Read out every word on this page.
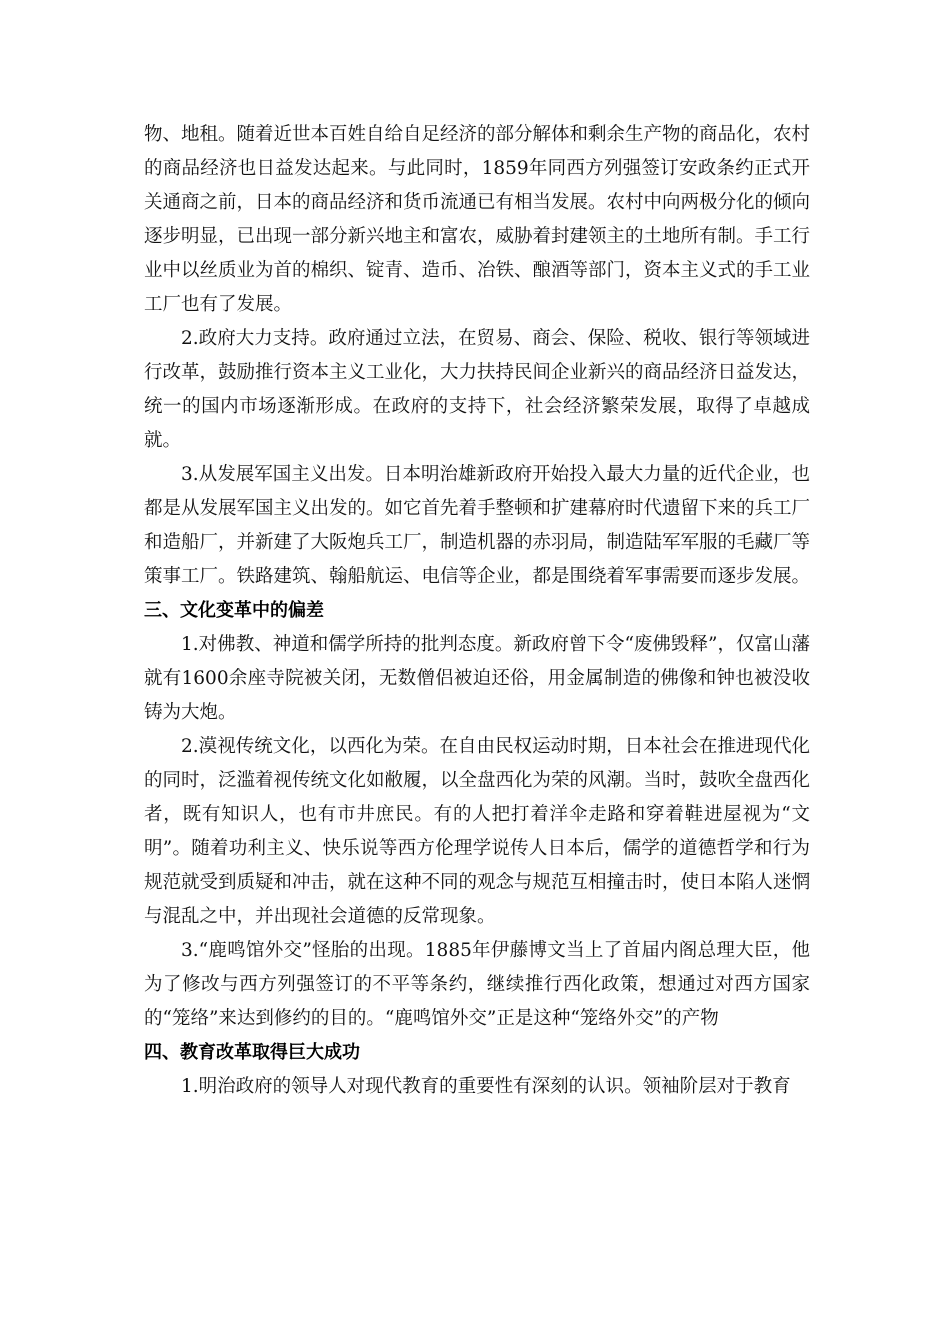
物、地租。随着近世本百姓自给自足经济的部分解体和剩余生产物的商品化，农村的商品经济也日益发达起来。与此同时，1859年同西方列强签订安政条约正式开关通商之前，日本的商品经济和货币流通已有相当发展。农村中向两极分化的倾向逐步明显，已出现一部分新兴地主和富农，威胁着封建领主的土地所有制。手工行业中以丝质业为首的棉织、锭青、造币、冶铁、酿酒等部门，资本主义式的手工业工厂也有了发展。

2.政府大力支持。政府通过立法，在贸易、商会、保险、税收、银行等领域进行改革，鼓励推行资本主义工业化，大力扶持民间企业新兴的商品经济日益发达，统一的国内市场逐渐形成。在政府的支持下，社会经济繁荣发展，取得了卓越成就。

3.从发展军国主义出发。日本明治雄新政府开始投入最大力量的近代企业，也都是从发展军国主义出发的。如它首先着手整顿和扩建幕府时代遗留下来的兵工厂和造船厂，并新建了大阪炮兵工厂，制造机器的赤羽局，制造陆军军服的毛藏厂等策事工厂。铁路建筑、翰船航运、电信等企业，都是围绕着军事需要而逐步发展。

三、文化变革中的偏差

1.对佛教、神道和儒学所持的批判态度。新政府曾下令“废佛毁释”，仅富山藩就有1600余座寺院被关闭，无数僧侣被迫还俗，用金属制造的佛像和钟也被没收铸为大炮。

2.漠视传统文化，以西化为荣。在自由民权运动时期，日本社会在推进现代化的同时，泛滥着视传统文化如敝履，以全盘西化为荣的风潮。当时，鼓吹全盘西化者，既有知识人，也有市井庶民。有的人把打着洋伞走路和穿着鞋进屋视为“文明”。随着功利主义、快乐说等西方伦理学说传人日本后，儒学的道德哲学和行为规范就受到质疑和冲击，就在这种不同的观念与规范互相撞击时，使日本陷人迷惘与混乱之中，并出现社会道德的反常现象。

3.“鹿鸣馆外交”怪胎的出现。1885年伊藤博文当上了首届内阁总理大臣，他为了修改与西方列强签订的不平等条约，继续推行西化政策，想通过对西方国家的“笼络”来达到修约的目的。“鹿鸣馆外交”正是这种“笼络外交”的产物

四、教育改革取得巨大成功

1.明治政府的领导人对现代教育的重要性有深刻的认识。领袖阶层对于教育
